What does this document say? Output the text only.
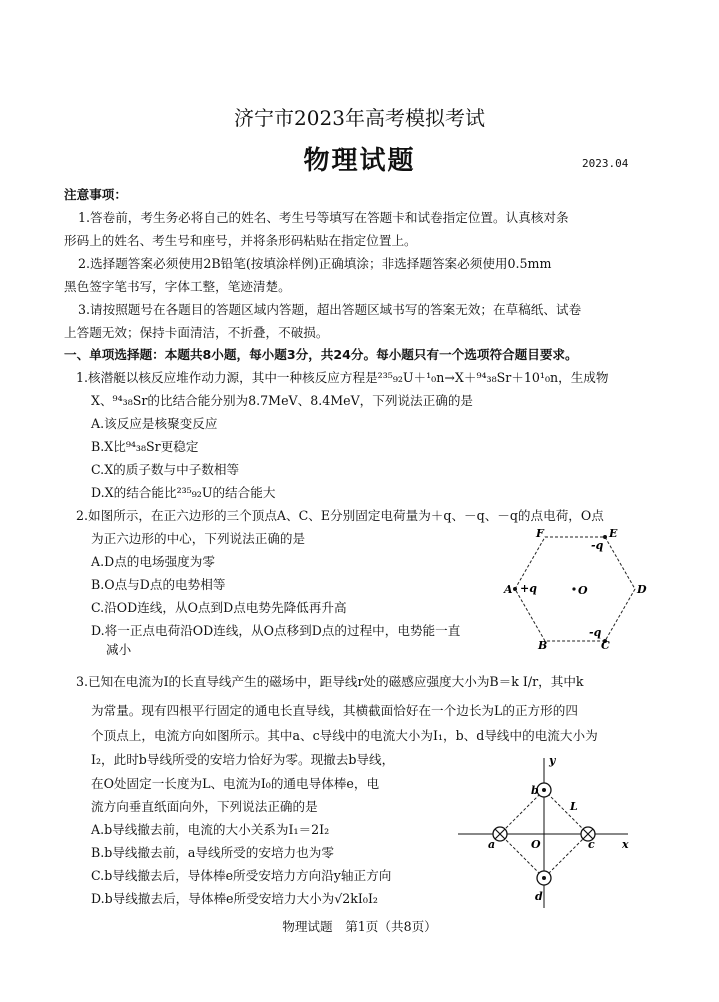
济宁市2023年高考模拟考试
物理试题	2023.04
注意事项：
1.答卷前，考生务必将自己的姓名、考生号等填写在答题卡和试卷指定位置。认真核对条
形码上的姓名、考生号和座号，并将条形码粘贴在指定位置上。
2.选择题答案必须使用2B铅笔(按填涂样例)正确填涂；非选择题答案必须使用0.5mm
黑色签字笔书写，字体工整，笔迹清楚。
3.请按照题号在各题目的答题区域内答题，超出答题区域书写的答案无效；在草稿纸、试卷
上答题无效；保持卡面清洁，不折叠，不破损。
一、单项选择题：本题共8小题，每小题3分，共24分。每小题只有一个选项符合题目要求。
1.核潜艇以核反应堆作动力源，其中一种核反应方程是²³⁵₉₂U＋¹₀n→X＋⁹⁴₃₈Sr＋10¹₀n，生成物
X、⁹⁴₃₈Sr的比结合能分别为8.7MeV、8.4MeV，下列说法正确的是
A.该反应是核聚变反应
B.X比⁹⁴₃₈Sr更稳定
C.X的质子数与中子数相等
D.X的结合能比²³⁵₉₂U的结合能大
2.如图所示，在正六边形的三个顶点A、C、E分别固定电荷量为＋q、－q、－q的点电荷，O点
为正六边形的中心，下列说法正确的是
A.D点的电场强度为零
B.O点与D点的电势相等
C.沿OD连线，从O点到D点电势先降低再升高
D.将一正点电荷沿OD连线，从O点移到D点的过程中，电势能一直
减小
F	E
-q
A +q	O	D
-q
B	C
3.已知在电流为I的长直导线产生的磁场中，距导线r处的磁感应强度大小为B＝k I/r，其中k
为常量。现有四根平行固定的通电长直导线，其横截面恰好在一个边长为L的正方形的四
个顶点上，电流方向如图所示。其中a、c导线中的电流大小为I₁，b、d导线中的电流大小为
I₂，此时b导线所受的安培力恰好为零。现撤去b导线，
在O处固定一长度为L、电流为I₀的通电导体棒e，电
流方向垂直纸面向外，下列说法正确的是
A.b导线撤去前，电流的大小关系为I₁＝2I₂
B.b导线撤去前，a导线所受的安培力也为零
C.b导线撤去后，导体棒e所受安培力方向沿y轴正方向
D.b导线撤去后，导体棒e所受安培力大小为√2kI₀I₂
b
d
a	c
O
L
x
y
物理试题　第1页（共8页）
